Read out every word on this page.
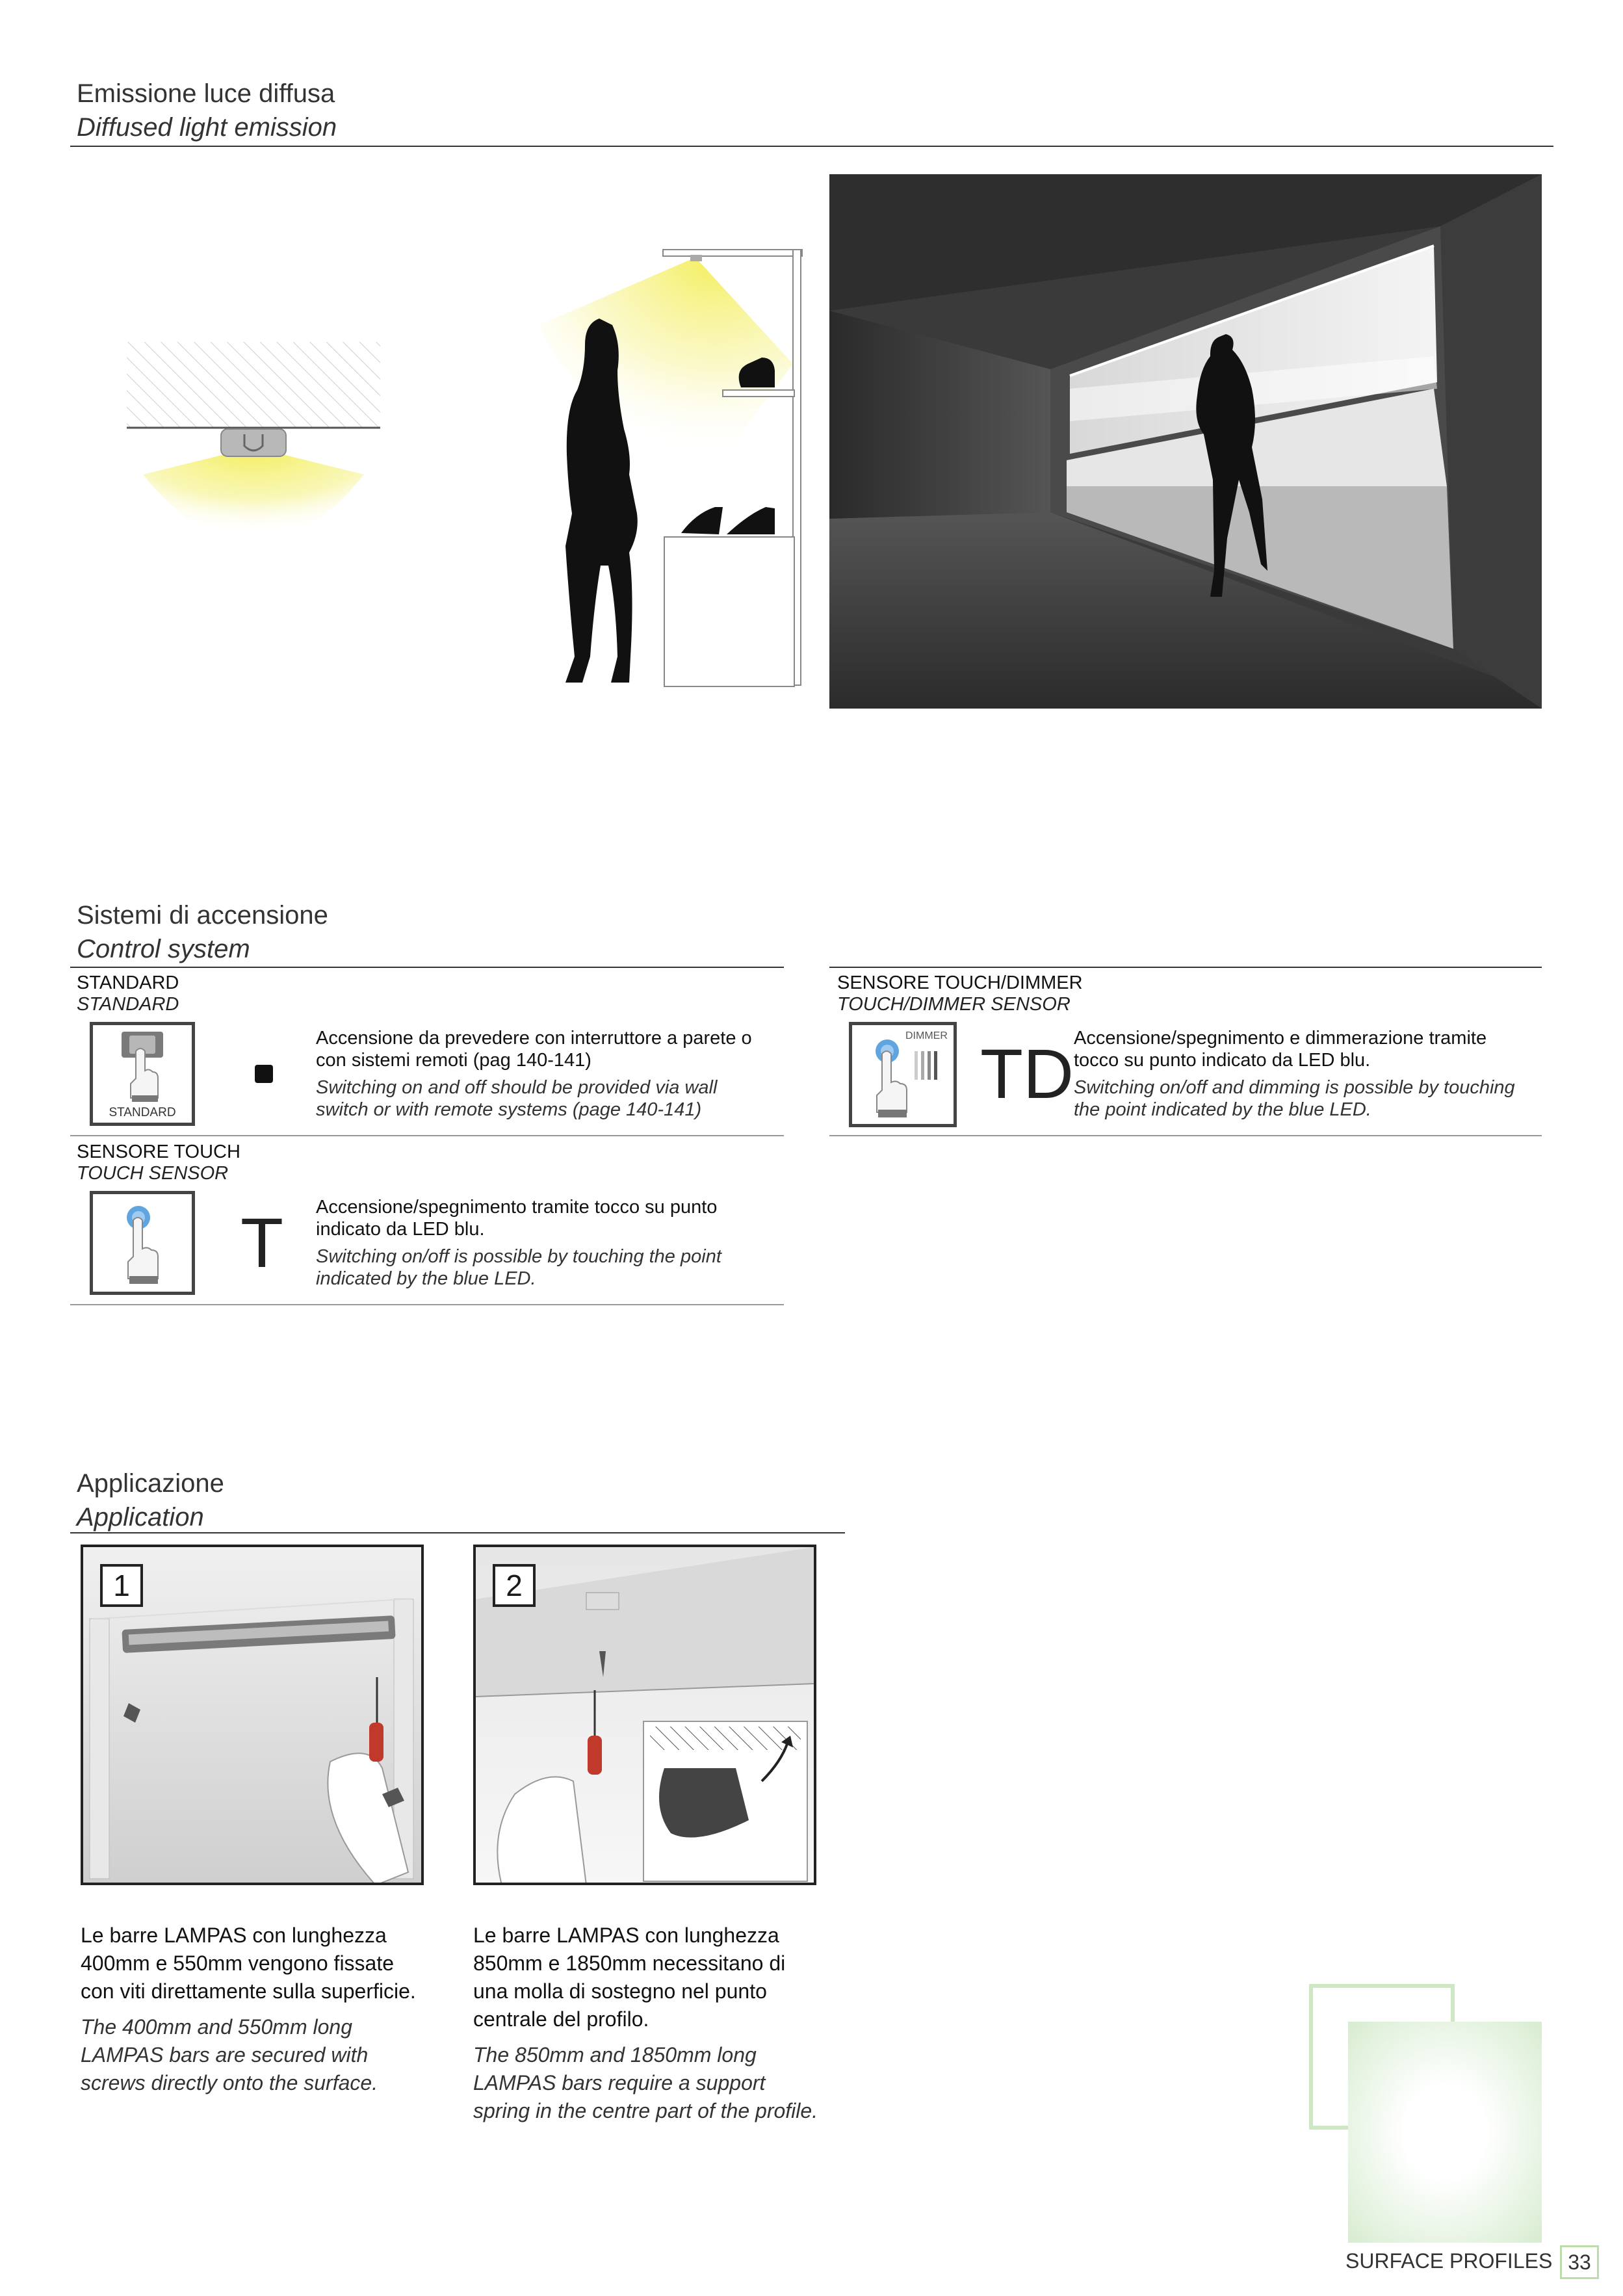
Emissione luce diffusa
Diffused light emission
Sistemi di accensione
Control system
STANDARD
STANDARD
STANDARD
Accensione da prevedere con interruttore a parete o con sistemi remoti (pag 140-141)
Switching on and off should be provided via wall switch or with remote systems (page 140-141)
SENSORE TOUCH
TOUCH SENSOR
T Accensione/spegnimento tramite tocco su punto indicato da LED blu.
Switching on/off is possible by touching the point indicated by the blue LED.
SENSORE TOUCH/DIMMER
TOUCH/DIMMER SENSOR
DIMMER TD Accensione/spegnimento e dimmerazione tramite tocco su punto indicato da LED blu.
Switching on/off and dimming is possible by touching the point indicated by the blue LED.
Applicazione
Application
1
Le barre LAMPAS con lunghezza 400mm e 550mm vengono fissate con viti direttamente sulla superficie.
The 400mm and 550mm long LAMPAS bars are secured with screws directly onto the surface.
2
Le barre LAMPAS con lunghezza 850mm e 1850mm necessitano di una molla di sostegno nel punto centrale del profilo.
The 850mm and 1850mm long LAMPAS bars require a support spring in the centre part of the profile.
SURFACE PROFILES 33
